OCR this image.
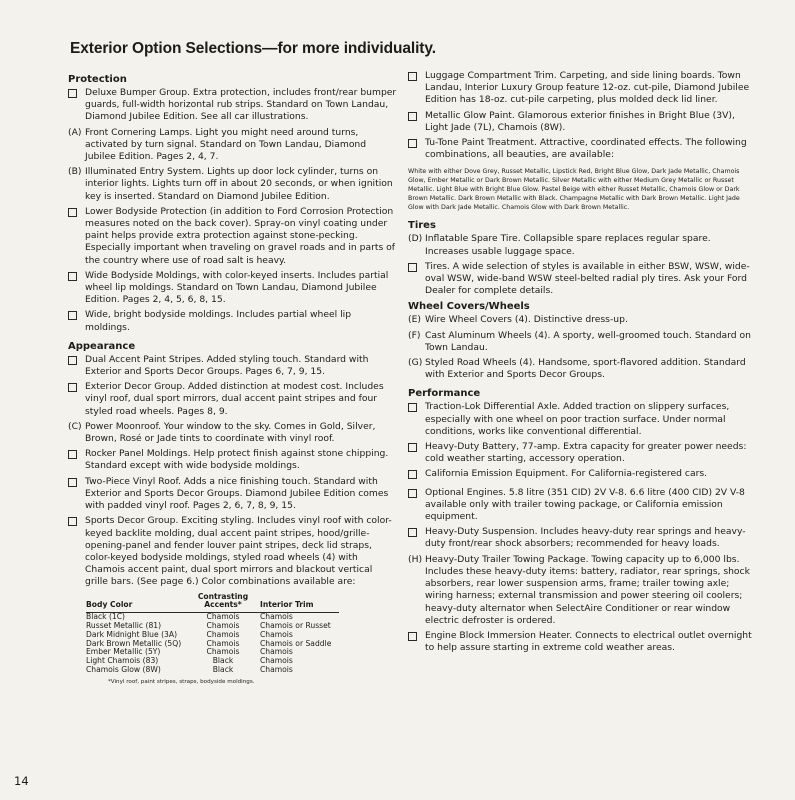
Exterior Option Selections—for more individuality.
Protection
Deluxe Bumper Group. Extra protection, includes front/rear bumper guards, full-width horizontal rub strips. Standard on Town Landau, Diamond Jubilee Edition. See all car illustrations.
(A) Front Cornering Lamps. Light you might need around turns, activated by turn signal. Standard on Town Landau, Diamond Jubilee Edition. Pages 2, 4, 7.
(B) Illuminated Entry System. Lights up door lock cylinder, turns on interior lights. Lights turn off in about 20 seconds, or when ignition key is inserted. Standard on Diamond Jubilee Edition.
Lower Bodyside Protection (in addition to Ford Corrosion Protection measures noted on the back cover). Spray-on vinyl coating under paint helps provide extra protection against stone-pecking. Especially important when traveling on gravel roads and in parts of the country where use of road salt is heavy.
Wide Bodyside Moldings, with color-keyed inserts. Includes partial wheel lip moldings. Standard on Town Landau, Diamond Jubilee Edition. Pages 2, 4, 5, 6, 8, 15.
Wide, bright bodyside moldings. Includes partial wheel lip moldings.
Appearance
Dual Accent Paint Stripes. Added styling touch. Standard with Exterior and Sports Decor Groups. Pages 6, 7, 9, 15.
Exterior Decor Group. Added distinction at modest cost. Includes vinyl roof, dual sport mirrors, dual accent paint stripes and four styled road wheels. Pages 8, 9.
(C) Power Moonroof. Your window to the sky. Comes in Gold, Silver, Brown, Rosé or Jade tints to coordinate with vinyl roof.
Rocker Panel Moldings. Help protect finish against stone chipping. Standard except with wide bodyside moldings.
Two-Piece Vinyl Roof. Adds a nice finishing touch. Standard with Exterior and Sports Decor Groups. Diamond Jubilee Edition comes with padded vinyl roof. Pages 2, 6, 7, 8, 9, 15.
Sports Decor Group. Exciting styling. Includes vinyl roof with color-keyed backlite molding, dual accent paint stripes, hood/grille-opening-panel and fender louver paint stripes, deck lid straps, color-keyed bodyside moldings, styled road wheels (4) with Chamois accent paint, dual sport mirrors and blackout vertical grille bars. (See page 6.) Color combinations available are:
Body Color	Contrasting Accents*	Interior Trim
Black (1C)	Chamois	Chamois
Russet Metallic (81)	Chamois	Chamois or Russet
Dark Midnight Blue (3A)	Chamois	Chamois
Dark Brown Metallic (5Q)	Chamois	Chamois or Saddle
Ember Metallic (5Y)	Chamois	Chamois
Light Chamois (83)	Black	Chamois
Chamois Glow (8W)	Black	Chamois
*Vinyl roof, paint stripes, straps, bodyside moldings.
Luggage Compartment Trim. Carpeting, and side lining boards. Town Landau, Interior Luxury Group feature 12-oz. cut-pile, Diamond Jubilee Edition has 18-oz. cut-pile carpeting, plus molded deck lid liner.
Metallic Glow Paint. Glamorous exterior finishes in Bright Blue (3V), Light Jade (7L), Chamois (8W).
Tu-Tone Paint Treatment. Attractive, coordinated effects. The following combinations, all beauties, are available:
White with either Dove Grey, Russet Metallic, Lipstick Red, Bright Blue Glow, Dark Jade Metallic, Chamois Glow, Ember Metallic or Dark Brown Metallic. Silver Metallic with either Medium Grey Metallic or Russet Metallic. Light Blue with Bright Blue Glow. Pastel Beige with either Russet Metallic, Chamois Glow or Dark Brown Metallic. Dark Brown Metallic with Black. Champagne Metallic with Dark Brown Metallic. Light Jade Glow with Dark Jade Metallic. Chamois Glow with Dark Brown Metallic.
Tires
(D) Inflatable Spare Tire. Collapsible spare replaces regular spare. Increases usable luggage space.
Tires. A wide selection of styles is available in either BSW, WSW, wide-oval WSW, wide-band WSW steel-belted radial ply tires. Ask your Ford Dealer for complete details.
Wheel Covers/Wheels
(E) Wire Wheel Covers (4). Distinctive dress-up.
(F) Cast Aluminum Wheels (4). A sporty, well-groomed touch. Standard on Town Landau.
(G) Styled Road Wheels (4). Handsome, sport-flavored addition. Standard with Exterior and Sports Decor Groups.
Performance
Traction-Lok Differential Axle. Added traction on slippery surfaces, especially with one wheel on poor traction surface. Under normal conditions, works like conventional differential.
Heavy-Duty Battery, 77-amp. Extra capacity for greater power needs: cold weather starting, accessory operation.
California Emission Equipment. For California-registered cars.
Optional Engines. 5.8 litre (351 CID) 2V V-8. 6.6 litre (400 CID) 2V V-8 available only with trailer towing package, or California emission equipment.
Heavy-Duty Suspension. Includes heavy-duty rear springs and heavy-duty front/rear shock absorbers; recommended for heavy loads.
(H) Heavy-Duty Trailer Towing Package. Towing capacity up to 6,000 lbs. Includes these heavy-duty items: battery, radiator, rear springs, shock absorbers, rear lower suspension arms, frame; trailer towing axle; wiring harness; external transmission and power steering oil coolers; heavy-duty alternator when SelectAire Conditioner or rear window electric defroster is ordered.
Engine Block Immersion Heater. Connects to electrical outlet overnight to help assure starting in extreme cold weather areas.
14
